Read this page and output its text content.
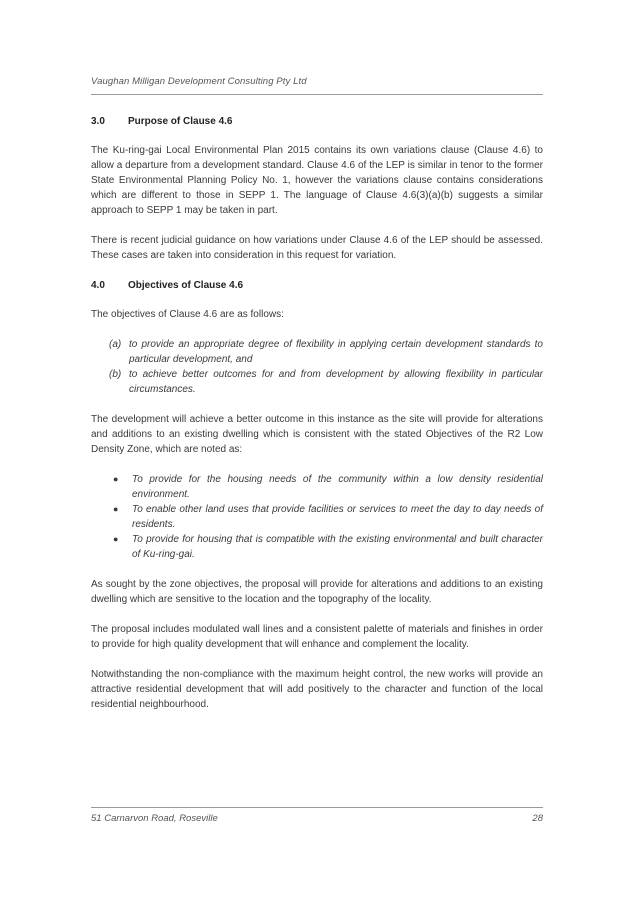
Vaughan Milligan Development Consulting Pty Ltd
3.0	Purpose of Clause 4.6

The Ku-ring-gai Local Environmental Plan 2015 contains its own variations clause (Clause 4.6) to allow a departure from a development standard. Clause 4.6 of the LEP is similar in tenor to the former State Environmental Planning Policy No. 1, however the variations clause contains considerations which are different to those in SEPP 1. The language of Clause 4.6(3)(a)(b) suggests a similar approach to SEPP 1 may be taken in part.

There is recent judicial guidance on how variations under Clause 4.6 of the LEP should be assessed. These cases are taken into consideration in this request for variation.

4.0	Objectives of Clause 4.6

The objectives of Clause 4.6 are as follows:

(a) to provide an appropriate degree of flexibility in applying certain development standards to particular development, and
(b) to achieve better outcomes for and from development by allowing flexibility in particular circumstances.

The development will achieve a better outcome in this instance as the site will provide for alterations and additions to an existing dwelling which is consistent with the stated Objectives of the R2 Low Density Zone, which are noted as:

●	To provide for the housing needs of the community within a low density residential environment.
●	To enable other land uses that provide facilities or services to meet the day to day needs of residents.
●	To provide for housing that is compatible with the existing environmental and built character of Ku-ring-gai.

As sought by the zone objectives, the proposal will provide for alterations and additions to an existing dwelling which are sensitive to the location and the topography of the locality.

The proposal includes modulated wall lines and a consistent palette of materials and finishes in order to provide for high quality development that will enhance and complement the locality.

Notwithstanding the non-compliance with the maximum height control, the new works will provide an attractive residential development that will add positively to the character and function of the local residential neighbourhood.

51 Carnarvon Road, Roseville	28
